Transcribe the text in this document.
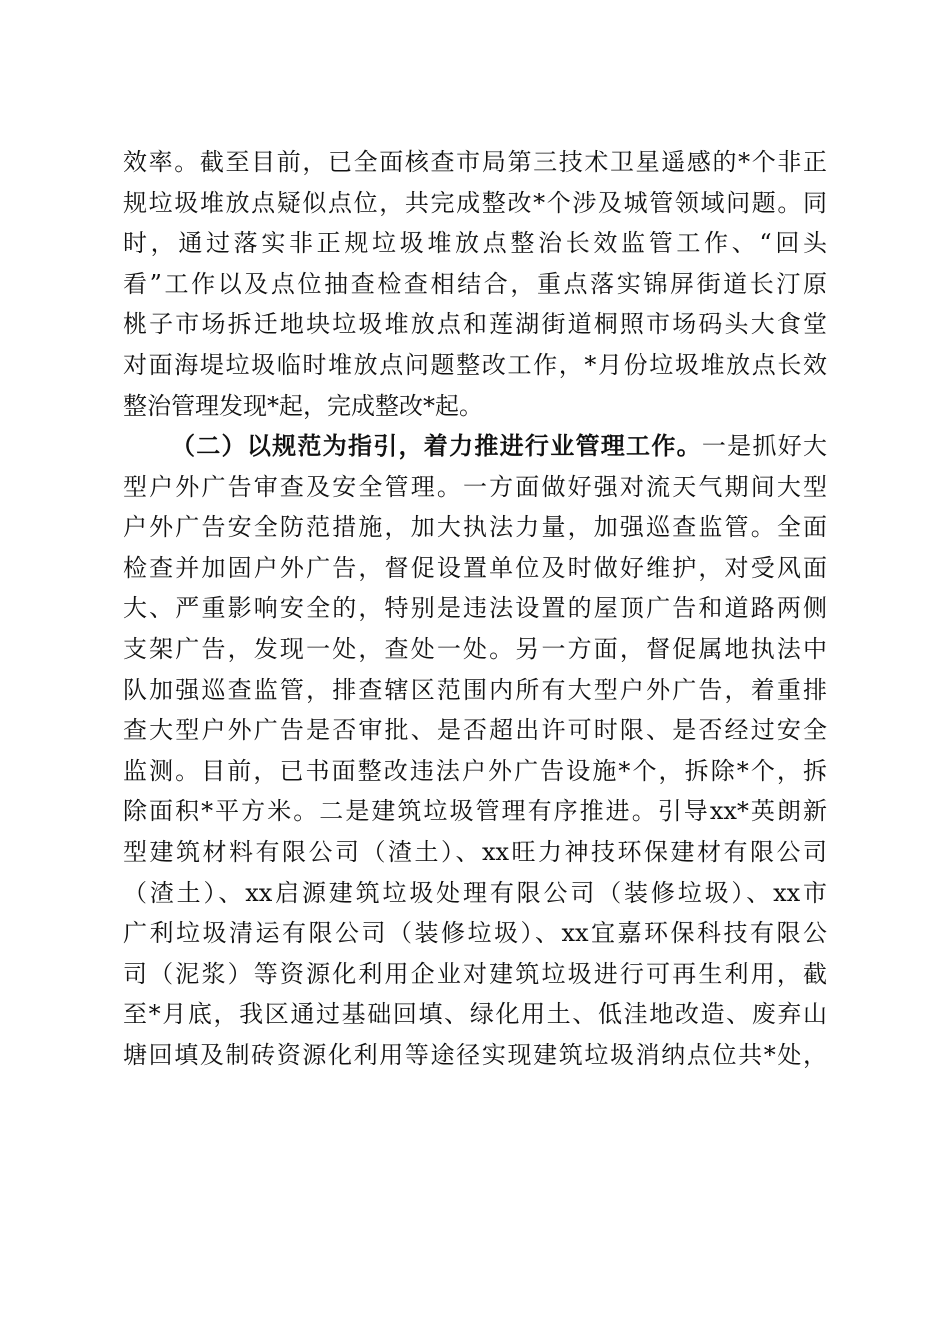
效率。截至目前，已全面核查市局第三技术卫星遥感的*个非正
规垃圾堆放点疑似点位，共完成整改*个涉及城管领域问题。同
时，通过落实非正规垃圾堆放点整治长效监管工作、“回头
看”工作以及点位抽查检查相结合，重点落实锦屏街道长汀原
桃子市场拆迁地块垃圾堆放点和莲湖街道桐照市场码头大食堂
对面海堤垃圾临时堆放点问题整改工作，*月份垃圾堆放点长效
整治管理发现*起，完成整改*起。
（二）以规范为指引，着力推进行业管理工作。一是抓好大
型户外广告审查及安全管理。一方面做好强对流天气期间大型
户外广告安全防范措施，加大执法力量，加强巡查监管。全面
检查并加固户外广告，督促设置单位及时做好维护，对受风面
大、严重影响安全的，特别是违法设置的屋顶广告和道路两侧
支架广告，发现一处，查处一处。另一方面，督促属地执法中
队加强巡查监管，排查辖区范围内所有大型户外广告，着重排
查大型户外广告是否审批、是否超出许可时限、是否经过安全
监测。目前，已书面整改违法户外广告设施*个，拆除*个，拆
除面积*平方米。二是建筑垃圾管理有序推进。引导xx*英朗新
型建筑材料有限公司（渣土）、xx旺力神技环保建材有限公司
（渣土）、xx启源建筑垃圾处理有限公司（装修垃圾）、xx市
广利垃圾清运有限公司（装修垃圾）、xx宜嘉环保科技有限公
司（泥浆）等资源化利用企业对建筑垃圾进行可再生利用，截
至*月底，我区通过基础回填、绿化用土、低洼地改造、废弃山
塘回填及制砖资源化利用等途径实现建筑垃圾消纳点位共*处，
